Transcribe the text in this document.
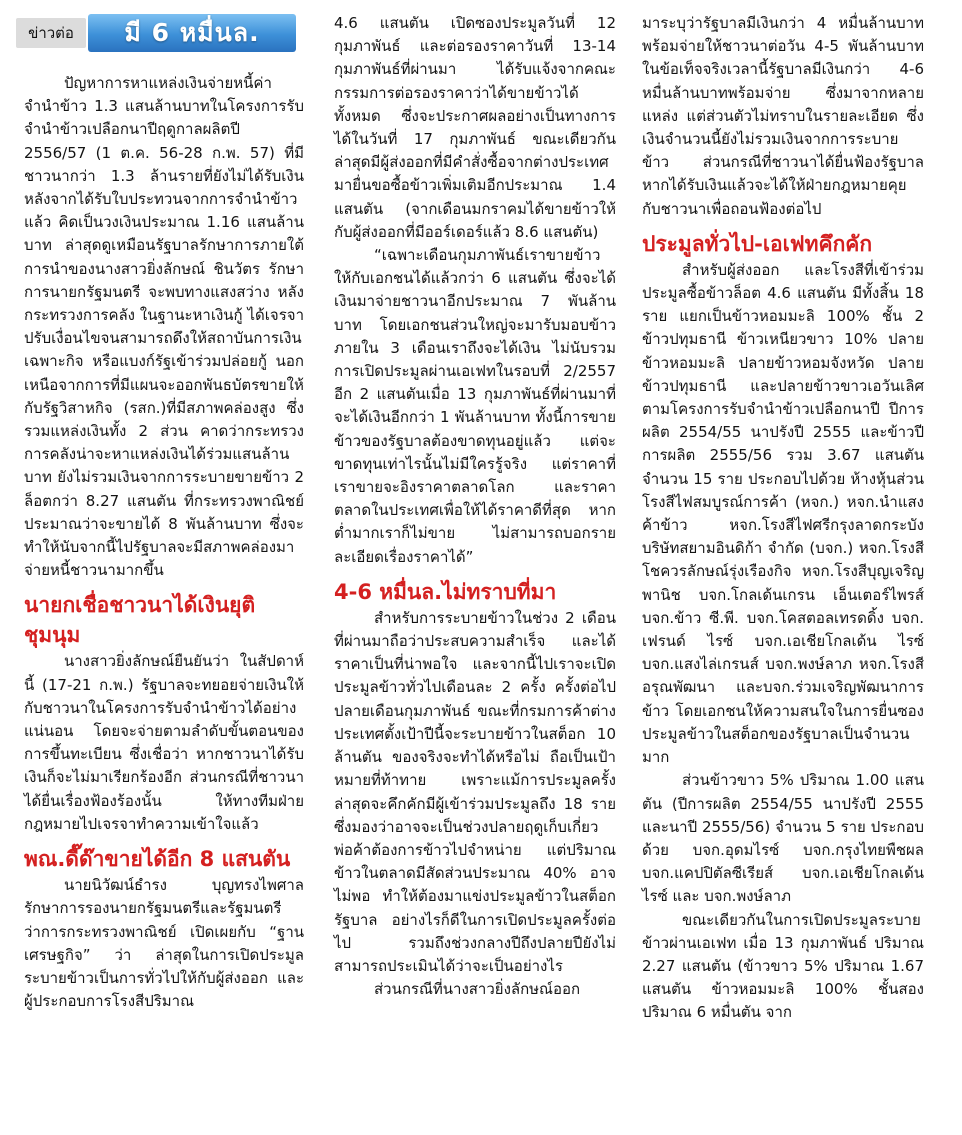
ข่าวต่อ	มี 6 หมื่นล.

ปัญหาการหาแหล่งเงินจ่ายหนี้ค่าจำนำข้าว 1.3 แสนล้านบาทในโครงการรับจำนำข้าวเปลือกนาปีฤดูกาลผลิตปี 2556/57 (1 ต.ค. 56-28 ก.พ. 57) ที่มีชาวนากว่า 1.3 ล้านรายที่ยังไม่ได้รับเงินหลังจากได้รับใบประทวนจากการจำนำข้าวแล้ว คิดเป็นวงเงินประมาณ 1.16 แสนล้านบาท ล่าสุดดูเหมือนรัฐบาลรักษาการภายใต้การนำของนางสาวยิ่งลักษณ์ ชินวัตร รักษาการนายกรัฐมนตรี จะพบทางแสงสว่าง หลังกระทรวงการคลัง ในฐานะหาเงินกู้ ได้เจรจาปรับเงื่อนไขจนสามารถดึงให้สถาบันการเงินเฉพาะกิจ หรือแบงก์รัฐเข้าร่วมปล่อยกู้ นอกเหนือจากการที่มีแผนจะออกพันธบัตรขายให้กับรัฐวิสาหกิจ (รสก.)ที่มีสภาพคล่องสูง ซึ่งรวมแหล่งเงินทั้ง 2 ส่วน คาดว่ากระทรวงการคลังน่าจะหาแหล่งเงินได้ร่วมแสนล้านบาท ยังไม่รวมเงินจากการระบายขายข้าว 2 ล็อตกว่า 8.27 แสนตัน ที่กระทรวงพาณิชย์ประมาณว่าจะขายได้ 8 พันล้านบาท ซึ่งจะทำให้นับจากนี้ไปรัฐบาลจะมีสภาพคล่องมาจ่ายหนี้ชาวนามากขึ้น

นายกเชื่อชาวนาได้เงินยุติชุมนุม

นางสาวยิ่งลักษณ์ยืนยันว่า ในสัปดาห์นี้ (17-21 ก.พ.) รัฐบาลจะทยอยจ่ายเงินให้กับชาวนาในโครงการรับจำนำข้าวได้อย่างแน่นอน โดยจะจ่ายตามลำดับขั้นตอนของการขึ้นทะเบียน ซึ่งเชื่อว่า หากชาวนาได้รับเงินก็จะไม่มาเรียกร้องอีก ส่วนกรณีที่ชาวนาได้ยื่นเรื่องฟ้องร้องนั้น ให้ทางทีมฝ่ายกฎหมายไปเจรจาทำความเข้าใจแล้ว

พณ.ดี๊ด๊าขายได้อีก 8 แสนตัน

นายนิวัฒน์ธำรง บุญทรงไพศาล รักษาการรองนายกรัฐมนตรีและรัฐมนตรีว่าการกระทรวงพาณิชย์ เปิดเผยกับ “ฐานเศรษฐกิจ” ว่า ล่าสุดในการเปิดประมูลระบายข้าวเป็นการทั่วไปให้กับผู้ส่งออก และผู้ประกอบการโรงสีปริมาณ

4.6 แสนตัน เปิดซองประมูลวันที่ 12 กุมภาพันธ์ และต่อรองราคาวันที่ 13-14 กุมภาพันธ์ที่ผ่านมา ได้รับแจ้งจากคณะกรรมการต่อรองราคาว่าได้ขายข้าวได้ทั้งหมด ซึ่งจะประกาศผลอย่างเป็นทางการได้ในวันที่ 17 กุมภาพันธ์ ขณะเดียวกันล่าสุดมีผู้ส่งออกที่มีคำสั่งซื้อจากต่างประเทศ มายื่นขอซื้อข้าวเพิ่มเติมอีกประมาณ 1.4 แสนตัน (จากเดือนมกราคมได้ขายข้าวให้กับผู้ส่งออกที่มีออร์เดอร์แล้ว 8.6 แสนตัน)

“เฉพาะเดือนกุมภาพันธ์เราขายข้าวให้กับเอกชนได้แล้วกว่า 6 แสนตัน ซึ่งจะได้เงินมาจ่ายชาวนาอีกประมาณ 7 พันล้านบาท โดยเอกชนส่วนใหญ่จะมารับมอบข้าวภายใน 3 เดือนเราถึงจะได้เงิน ไม่นับรวมการเปิดประมูลผ่านเอเฟทในรอบที่ 2/2557 อีก 2 แสนตันเมื่อ 13 กุมภาพันธ์ที่ผ่านมาที่จะได้เงินอีกกว่า 1 พันล้านบาท ทั้งนี้การขายข้าวของรัฐบาลต้องขาดทุนอยู่แล้ว แต่จะขาดทุนเท่าไรนั้นไม่มีใครรู้จริง แต่ราคาที่เราขายจะอิงราคาตลาดโลก และราคาตลาดในประเทศเพื่อให้ได้ราคาดีที่สุด หากต่ำมากเราก็ไม่ขาย ไม่สามารถบอกรายละเอียดเรื่องราคาได้”

4-6 หมื่นล.ไม่ทราบที่มา

สำหรับการระบายข้าวในช่วง 2 เดือนที่ผ่านมาถือว่าประสบความสำเร็จ และได้ราคาเป็นที่น่าพอใจ และจากนี้ไปเราจะเปิดประมูลข้าวทั่วไปเดือนละ 2 ครั้ง ครั้งต่อไปปลายเดือนกุมภาพันธ์ ขณะที่กรมการค้าต่างประเทศตั้งเป้าปีนี้จะระบายข้าวในสต็อก 10 ล้านตัน ของจริงจะทำได้หรือไม่ ถือเป็นเป้าหมายที่ท้าทาย เพราะแม้การประมูลครั้งล่าสุดจะคึกคักมีผู้เข้าร่วมประมูลถึง 18 รายซึ่งมองว่าอาจจะเป็นช่วงปลายฤดูเก็บเกี่ยว พ่อค้าต้องการข้าวไปจำหน่าย แต่ปริมาณข้าวในตลาดมีสัดส่วนประมาณ 40% อาจไม่พอ ทำให้ต้องมาแข่งประมูลข้าวในสต็อกรัฐบาล อย่างไรก็ดีในการเปิดประมูลครั้งต่อไป รวมถึงช่วงกลางปีถึงปลายปียังไม่สามารถประเมินได้ว่าจะเป็นอย่างไร

ส่วนกรณีที่นางสาวยิ่งลักษณ์ออก

มาระบุว่ารัฐบาลมีเงินกว่า 4 หมื่นล้านบาท พร้อมจ่ายให้ชาวนาต่อวัน 4-5 พันล้านบาท ในข้อเท็จจริงเวลานี้รัฐบาลมีเงินกว่า 4-6 หมื่นล้านบาทพร้อมจ่าย ซึ่งมาจากหลายแหล่ง แต่ส่วนตัวไม่ทราบในรายละเอียด ซึ่งเงินจำนวนนี้ยังไม่รวมเงินจากการระบายข้าว ส่วนกรณีที่ชาวนาได้ยื่นฟ้องรัฐบาล หากได้รับเงินแล้วจะได้ให้ฝ่ายกฎหมายคุยกับชาวนาเพื่อถอนฟ้องต่อไป

ประมูลทั่วไป-เอเฟทคึกคัก

สำหรับผู้ส่งออก และโรงสีที่เข้าร่วมประมูลซื้อข้าวล็อต 4.6 แสนตัน มีทั้งสิ้น 18 ราย แยกเป็นข้าวหอมมะลิ 100% ชั้น 2 ข้าวปทุมธานี ข้าวเหนียวขาว 10% ปลายข้าวหอมมะลิ ปลายข้าวหอมจังหวัด ปลายข้าวปทุมธานี และปลายข้าวขาวเอวันเลิศ ตามโครงการรับจำนำข้าวเปลือกนาปี ปีการผลิต 2554/55 นาปรังปี 2555 และข้าวปีการผลิต 2555/56 รวม 3.67 แสนตัน จำนวน 15 ราย ประกอบไปด้วย ห้างหุ้นส่วนโรงสีไฟสมบูรณ์การค้า (หจก.) หจก.นำแสงค้าข้าว หจก.โรงสีไฟศรีกรุงลาดกระบังบริษัทสยามอินดิก้า จำกัด (บจก.) หจก.โรงสีโชควรลักษณ์รุ่งเรืองกิจ หจก.โรงสีบุญเจริญพานิช บจก.โกลเด้นเกรน เอ็นเตอร์ไพรส์ บจก.ข้าว ซี.พี. บจก.โคสตอลเทรดดิ้ง บจก. เฟรนด์ ไรซ์ บจก.เอเชียโกลเด้น ไรซ์ บจก.แสงไล่เกรนส์ บจก.พงษ์ลาภ หจก.โรงสีอรุณพัฒนา และบจก.ร่วมเจริญพัฒนาการข้าว โดยเอกชนให้ความสนใจในการยื่นซองประมูลข้าวในสต็อกของรัฐบาลเป็นจำนวนมาก

ส่วนข้าวขาว 5% ปริมาณ 1.00 แสนตัน (ปีการผลิต 2554/55 นาปรังปี 2555 และนาปี 2555/56) จำนวน 5 ราย ประกอบด้วย บจก.อุดมไรซ์ บจก.กรุงไทยพืชผล บจก.แคปปิตัลซีเรียส์ บจก.เอเชียโกลเด้น ไรซ์ และ บจก.พงษ์ลาภ

ขณะเดียวกันในการเปิดประมูลระบายข้าวผ่านเอเฟท เมื่อ 13 กุมภาพันธ์ ปริมาณ 2.27 แสนตัน (ข้าวขาว 5% ปริมาณ 1.67 แสนตัน ข้าวหอมมะลิ 100% ชั้นสอง ปริมาณ 6 หมื่นตัน จาก
